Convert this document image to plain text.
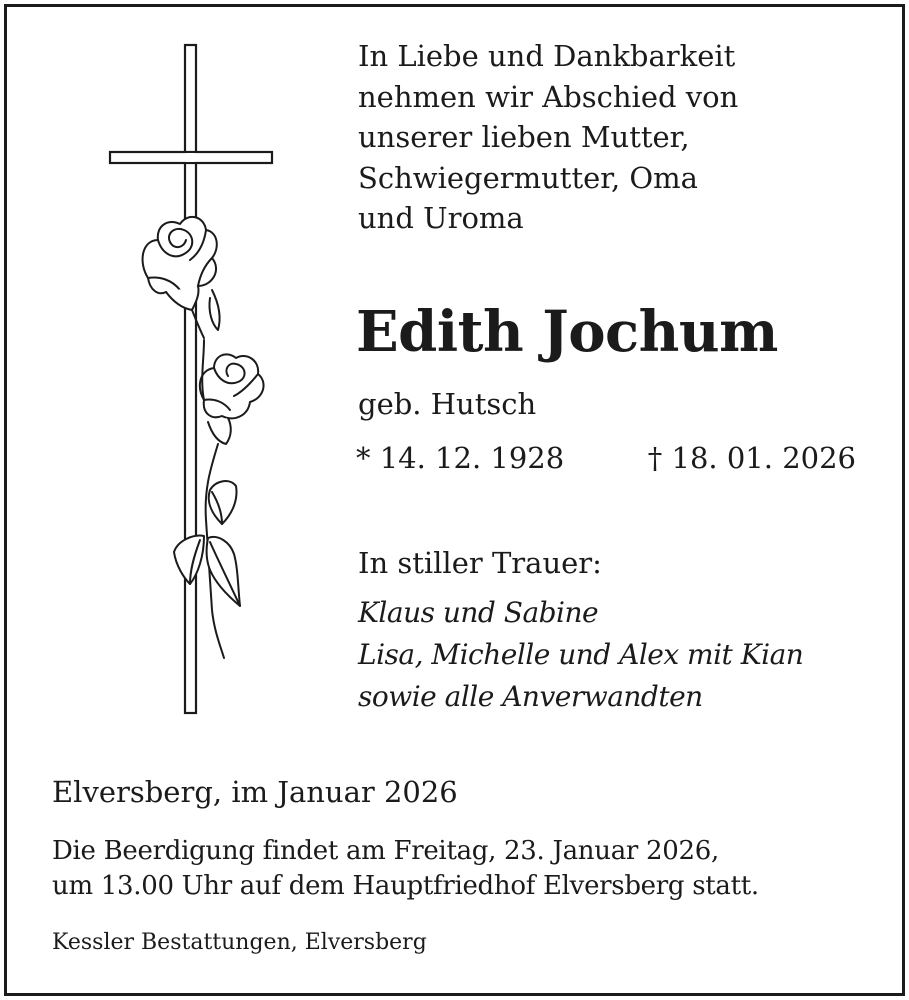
In Liebe und Dankbarkeit
nehmen wir Abschied von
unserer lieben Mutter,
Schwiegermutter, Oma
und Uroma
Edith Jochum

geb. Hutsch

* 14. 12. 1928	† 18. 01. 2026
In stiller Trauer:
Klaus und Sabine
Lisa, Michelle und Alex mit Kian
sowie alle Anverwandten

Elversberg, im Januar 2026

Die Beerdigung findet am Freitag, 23. Januar 2026,
um 13.00 Uhr auf dem Hauptfriedhof Elversberg statt.

Kessler Bestattungen, Elversberg
